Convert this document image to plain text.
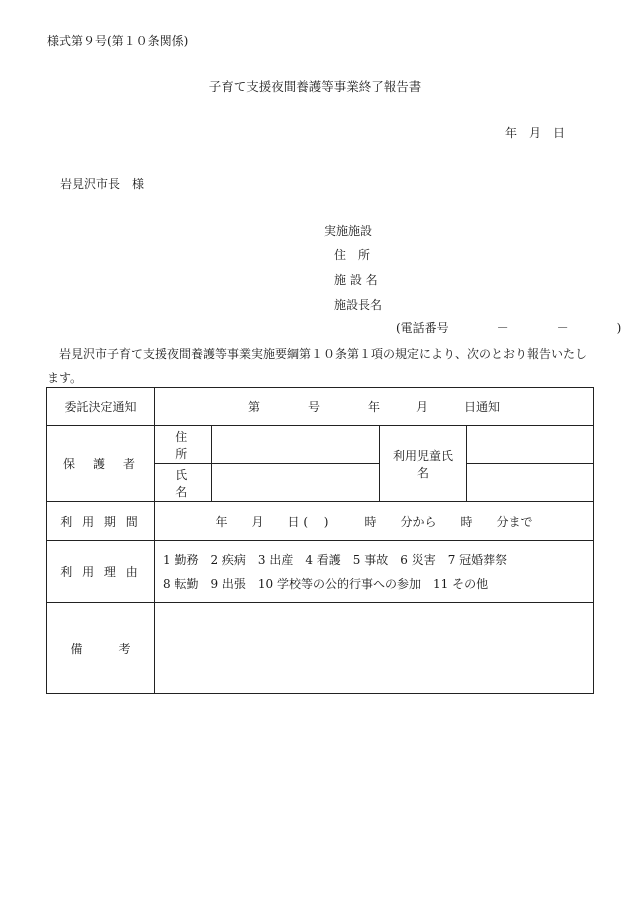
様式第９号(第１０条関係)
子育て支援夜間養護等事業終了報告書
年　月　日
岩見沢市長　様
実施施設
住　所
施 設 名
施設長名
(電話番号　　　　－　　　　－　　　　)
岩見沢市子育て支援夜間養護等事業実施要綱第１０条第１項の規定により、次のとおり報告いたします。
委託決定通知	第　　　　号　　　　年　　　月　　　日通知			
保　護　者	住　所		利用児童氏名	
	氏　名			
利 用 期 間	年　　月　　日 ( 　)　　　時　　分から　　時　　分まで			
利 用 理 由	1 勤務　2 疾病　3 出産　4 看護　5 事故　6 災害　7 冠婚葬祭
8 転勤　9 出張　10 学校等の公的行事への参加　11 その他			

備　　　考				
